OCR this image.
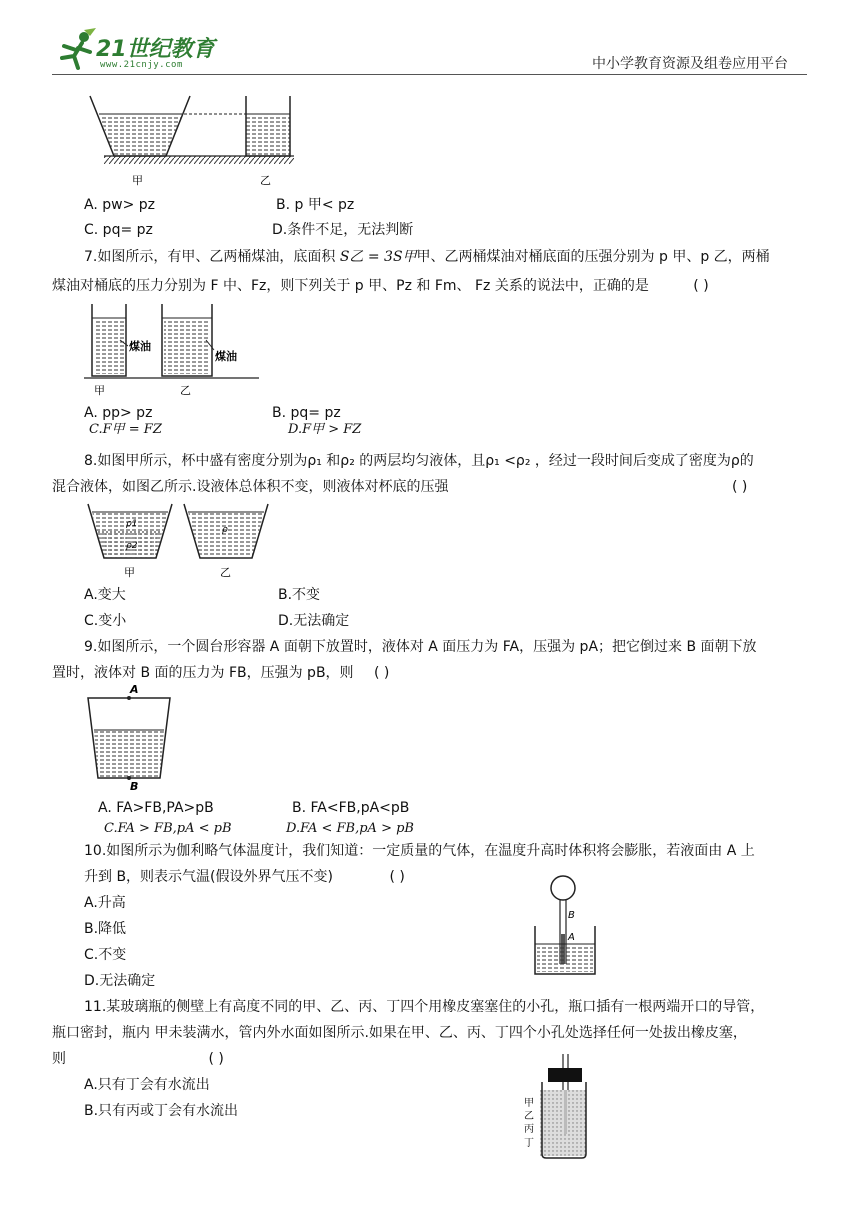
21世纪教育
www.21cnjy.com	中小学教育资源及组卷应用平台
甲	乙
A. pw> pz	B. p 甲< pz
C. pq= pz	D.条件不足，无法判断
7.如图所示，有甲、乙两桶煤油，底面积 S乙 = 3S甲甲、乙两桶煤油对桶底面的压强分别为 p 甲、p 乙，两桶
煤油对桶底的压力分别为 F 中、Fz，则下列关于 p 甲、Pz 和 Fm、 Fz 关系的说法中，正确的是	( )
煤油
煤油
甲	乙
A. pp> pz	B. pq= pz
C.F甲 = FZ	D.F甲 > FZ
8.如图甲所示，杯中盛有密度分别为ρ₁ 和ρ₂ 的两层均匀液体，且ρ₁ <ρ₂ ，经过一段时间后变成了密度为ρ的
混合液体，如图乙所示.设液体总体积不变，则液体对杯底的压强	( )
ρ1
ρ2
ρ
甲	乙
A.变大	B.不变
C.变小	D.无法确定
9.如图所示，一个圆台形容器 A 面朝下放置时，液体对 A 面压力为 FA，压强为 pA；把它倒过来 B 面朝下放
置时，液体对 B 面的压力为 FB，压强为 pB，则 ( )
A
B
A. FA>FB,PA>pB	B. FA<FB,pA<pB
C.FA > FB,pA < pB	D.FA < FB,pA > pB
10.如图所示为伽利略气体温度计，我们知道：一定质量的气体，在温度升高时体积将会膨胀，若液面由 A 上
升到 B，则表示气温(假设外界气压不变)	( )
A.升高
B.降低
C.不变
D.无法确定
B
A
11.某玻璃瓶的侧壁上有高度不同的甲、乙、丙、丁四个用橡皮塞塞住的小孔，瓶口插有一根两端开口的导管，
瓶口密封，瓶内 甲未装满水，管内外水面如图所示.如果在甲、乙、丙、丁四个小孔处选择任何一处拔出橡皮塞，
则	( )
A.只有丁会有水流出
B.只有丙或丁会有水流出	甲
乙
丙
丁
